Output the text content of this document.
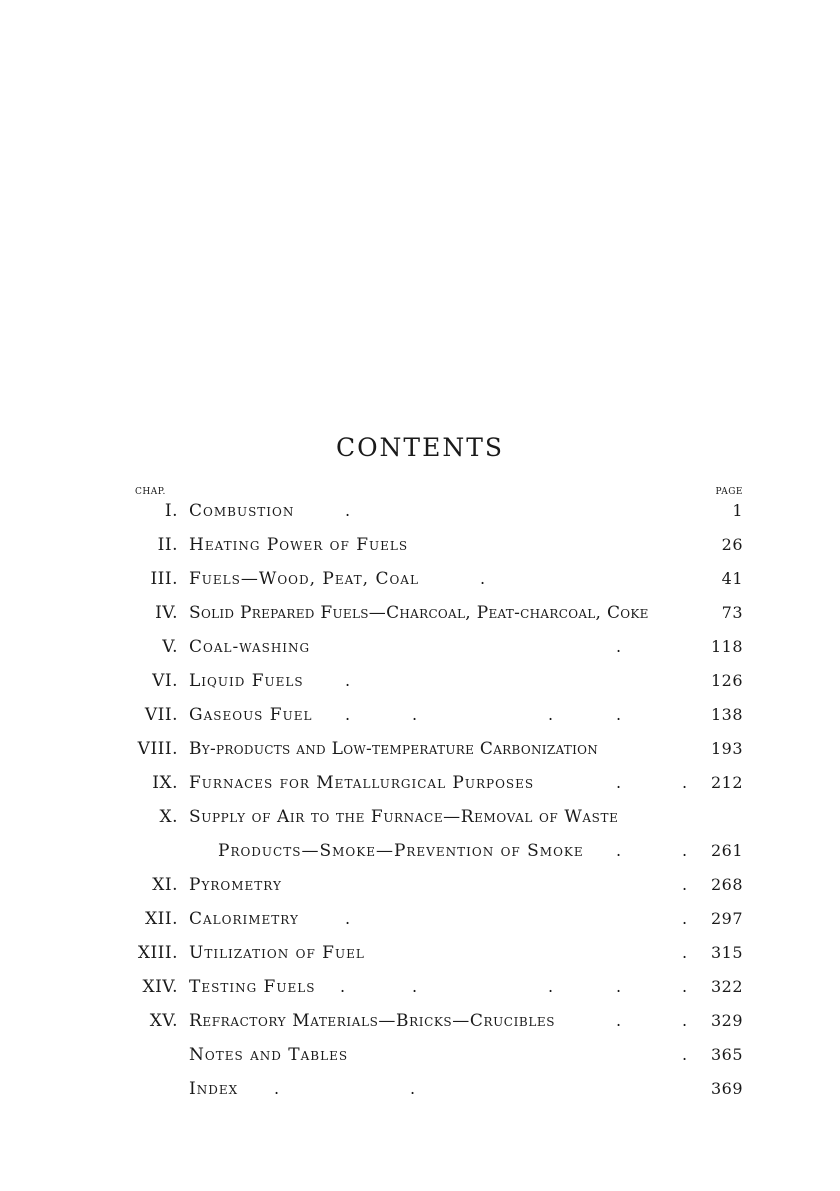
CONTENTS
CHAP.	PAGE
I. Combustion	.	1
II. Heating Power of Fuels	26
III. Fuels—Wood, Peat, Coal	.	41
IV. Solid Prepared Fuels—Charcoal, Peat-charcoal, Coke	73
V. Coal-washing	.	118
VI. Liquid Fuels	.	126
VII. Gaseous Fuel .	.	.	.	138
VIII. By-products and Low-temperature Carbonization	193
IX. Furnaces for Metallurgical Purposes	.	. 212
X. Supply of Air to the Furnace—Removal of Waste
Products—Smoke—Prevention of Smoke .	. 261
XI. Pyrometry	. 268
XII. Calorimetry	.	. 297
XIII. Utilization of Fuel	. 315
XIV. Testing Fuels .	.	.	.	. 322
XV. Refractory Materials—Bricks—Crucibles	.	. 329
Notes and Tables	. 365
Index .	.	369
